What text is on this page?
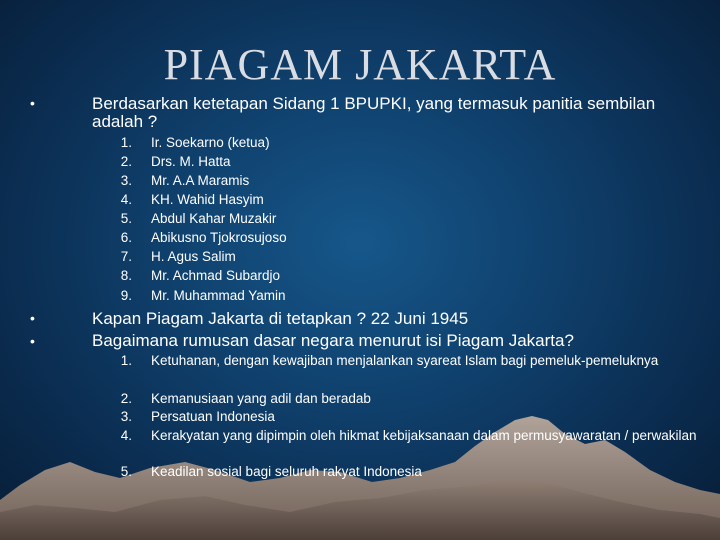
PIAGAM JAKARTA
•	Berdasarkan ketetapan Sidang 1 BPUPKI, yang termasuk panitia sembilan adalah ?
1. Ir. Soekarno (ketua)
2. Drs. M. Hatta
3. Mr. A.A Maramis
4. KH. Wahid Hasyim
5. Abdul Kahar Muzakir
6. Abikusno Tjokrosujoso
7. H. Agus Salim
8. Mr. Achmad Subardjo
9. Mr. Muhammad Yamin
•	Kapan Piagam Jakarta di tetapkan ? 22 Juni 1945
•	Bagaimana rumusan dasar negara menurut isi Piagam Jakarta?
1. Ketuhanan, dengan kewajiban menjalankan syareat Islam bagi pemeluk-pemeluknya
2. Kemanusiaan yang adil dan beradab
3. Persatuan Indonesia
4. Kerakyatan yang dipimpin oleh hikmat kebijaksanaan dalam permusyawaratan / perwakilan
5. Keadilan sosial bagi seluruh rakyat Indonesia
